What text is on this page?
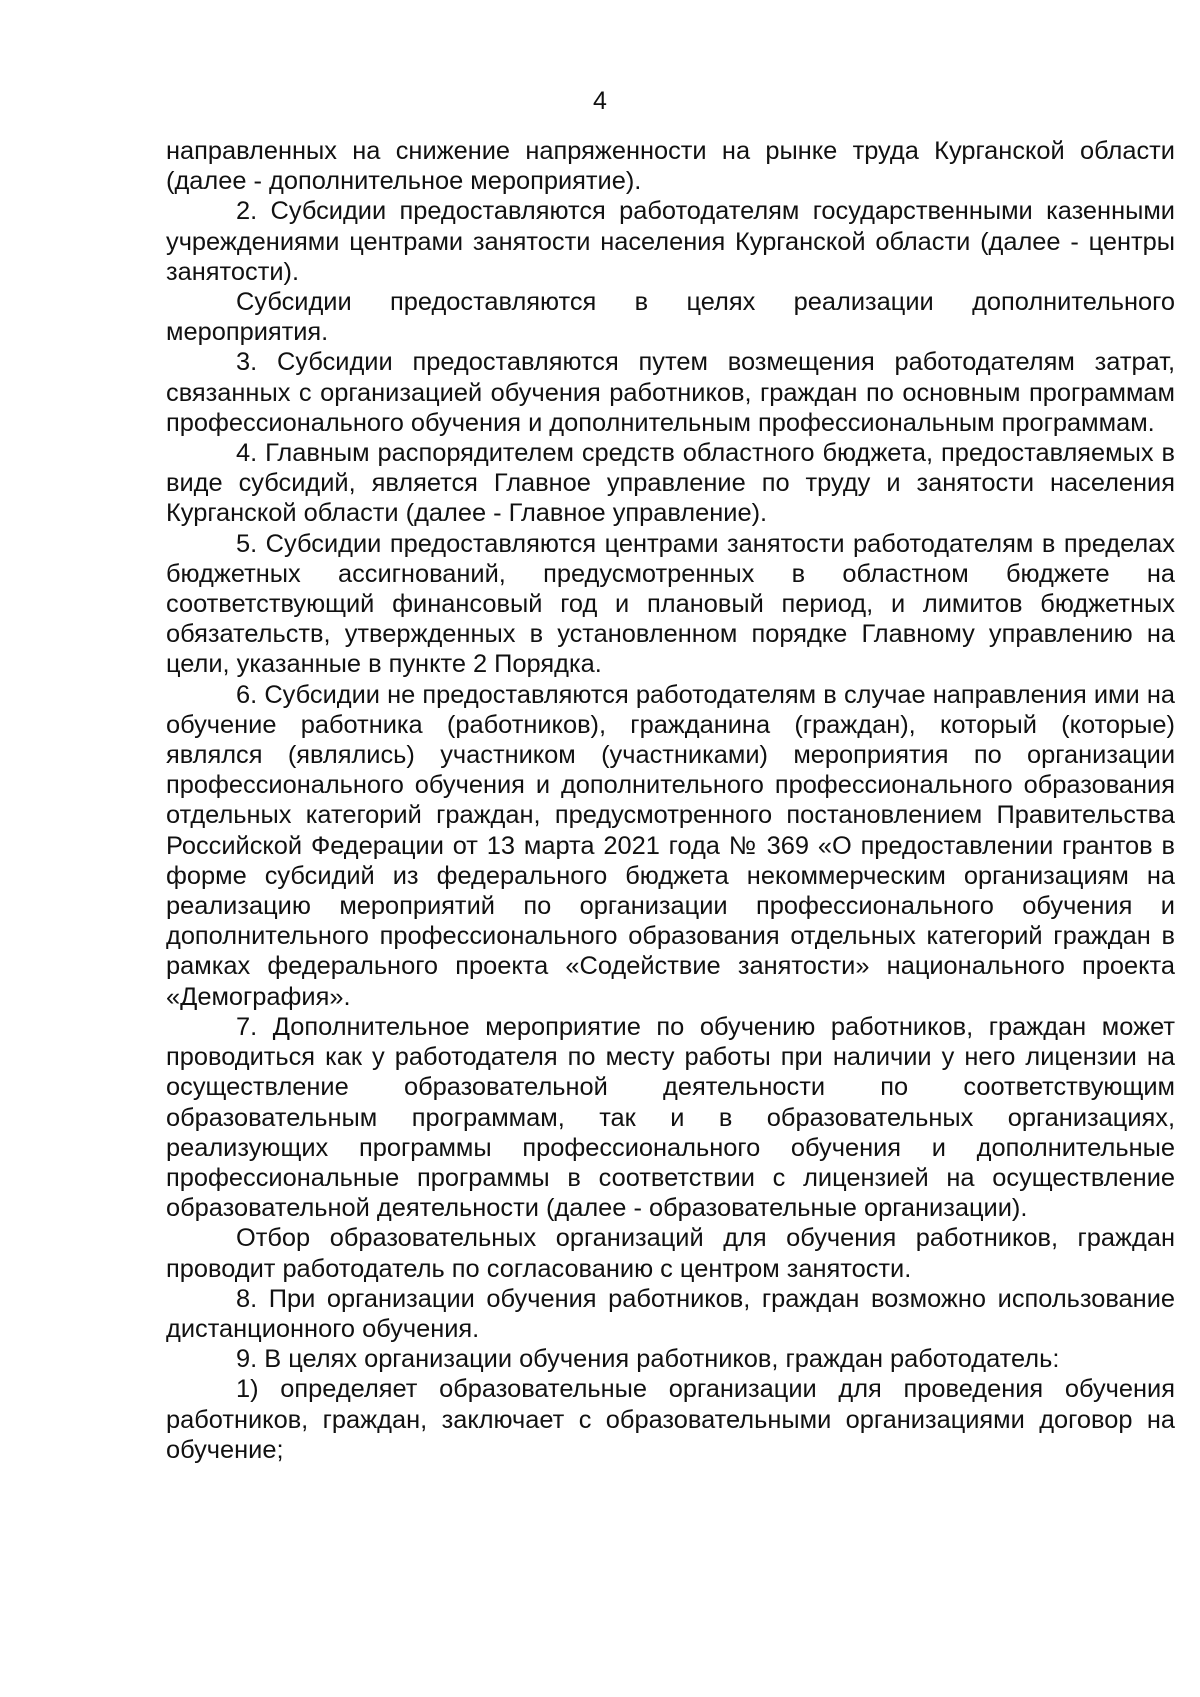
4

направленных на снижение напряженности на рынке труда Курганской области (далее - дополнительное мероприятие).

2. Субсидии предоставляются работодателям государственными казенными учреждениями центрами занятости населения Курганской области (далее - центры занятости).

Субсидии предоставляются в целях реализации дополнительного мероприятия.

3. Субсидии предоставляются путем возмещения работодателям затрат, связанных с организацией обучения работников, граждан по основным программам профессионального обучения и дополнительным профессиональным программам.

4. Главным распорядителем средств областного бюджета, предоставляемых в виде субсидий, является Главное управление по труду и занятости населения Курганской области (далее - Главное управление).

5. Субсидии предоставляются центрами занятости работодателям в пределах бюджетных ассигнований, предусмотренных в областном бюджете на соответствующий финансовый год и плановый период, и лимитов бюджетных обязательств, утвержденных в установленном порядке Главному управлению на цели, указанные в пункте 2 Порядка.

6. Субсидии не предоставляются работодателям в случае направления ими на обучение работника (работников), гражданина (граждан), который (которые) являлся (являлись) участником (участниками) мероприятия по организации профессионального обучения и дополнительного профессионального образования отдельных категорий граждан, предусмотренного постановлением Правительства Российской Федерации от 13 марта 2021 года № 369 «О предоставлении грантов в форме субсидий из федерального бюджета некоммерческим организациям на реализацию мероприятий по организации профессионального обучения и дополнительного профессионального образования отдельных категорий граждан в рамках федерального проекта «Содействие занятости» национального проекта «Демография».

7. Дополнительное мероприятие по обучению работников, граждан может проводиться как у работодателя по месту работы при наличии у него лицензии на осуществление образовательной деятельности по соответствующим образовательным программам, так и в образовательных организациях, реализующих программы профессионального обучения и дополнительные профессиональные программы в соответствии с лицензией на осуществление образовательной деятельности (далее - образовательные организации).

Отбор образовательных организаций для обучения работников, граждан проводит работодатель по согласованию с центром занятости.

8. При организации обучения работников, граждан возможно использование дистанционного обучения.

9. В целях организации обучения работников, граждан работодатель:

1) определяет образовательные организации для проведения обучения работников, граждан, заключает с образовательными организациями договор на обучение;
